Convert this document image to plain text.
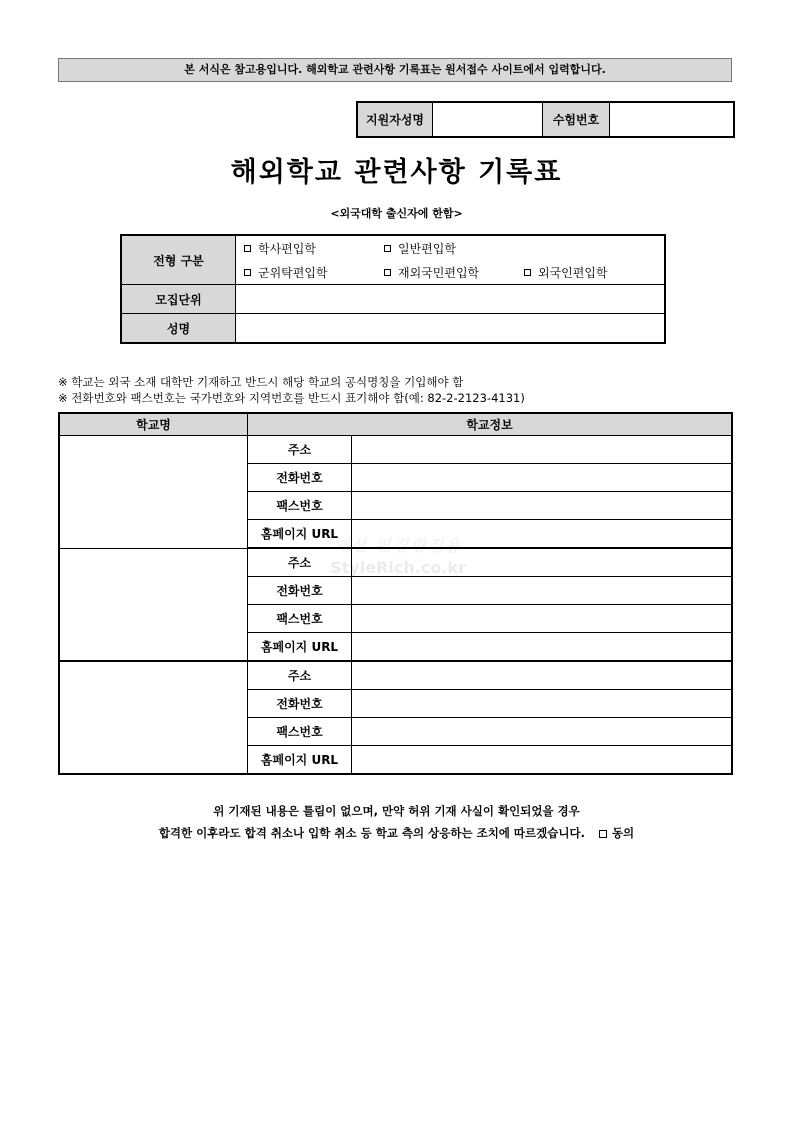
본 서식은 참고용입니다. 해외학교 관련사항 기록표는 원서접수 사이트에서 입력합니다.
지원자성명		수험번호	
해외학교 관련사항 기록표
<외국대학 출신자에 한함>
전형 구분	학사편입학 일반편입학
군위탁편입학 재외국민편입학 외국인편입학

모집단위	
성명	
※ 학교는 외국 소재 대학만 기재하고 반드시 해당 학교의 공식명칭을 기입해야 함
※ 전화번호와 팩스번호는 국가번호와 지역번호를 반드시 표기해야 함(예: 82-2-2123-4131)
학교명	학교정보	
	주소	
	전화번호	
	팩스번호	
	홈페이지 URL	
	주소	
	전화번호	
	팩스번호	
	홈페이지 URL	
	주소	
	전화번호	
	팩스번호	
	홈페이지 URL	
패션 편집편집용
StyleRich.co.kr
위 기재된 내용은 틀림이 없으며, 만약 허위 기재 사실이 확인되었을 경우
합격한 이후라도 합격 취소나 입학 취소 등 학교 측의 상응하는 조치에 따르겠습니다. 동의
